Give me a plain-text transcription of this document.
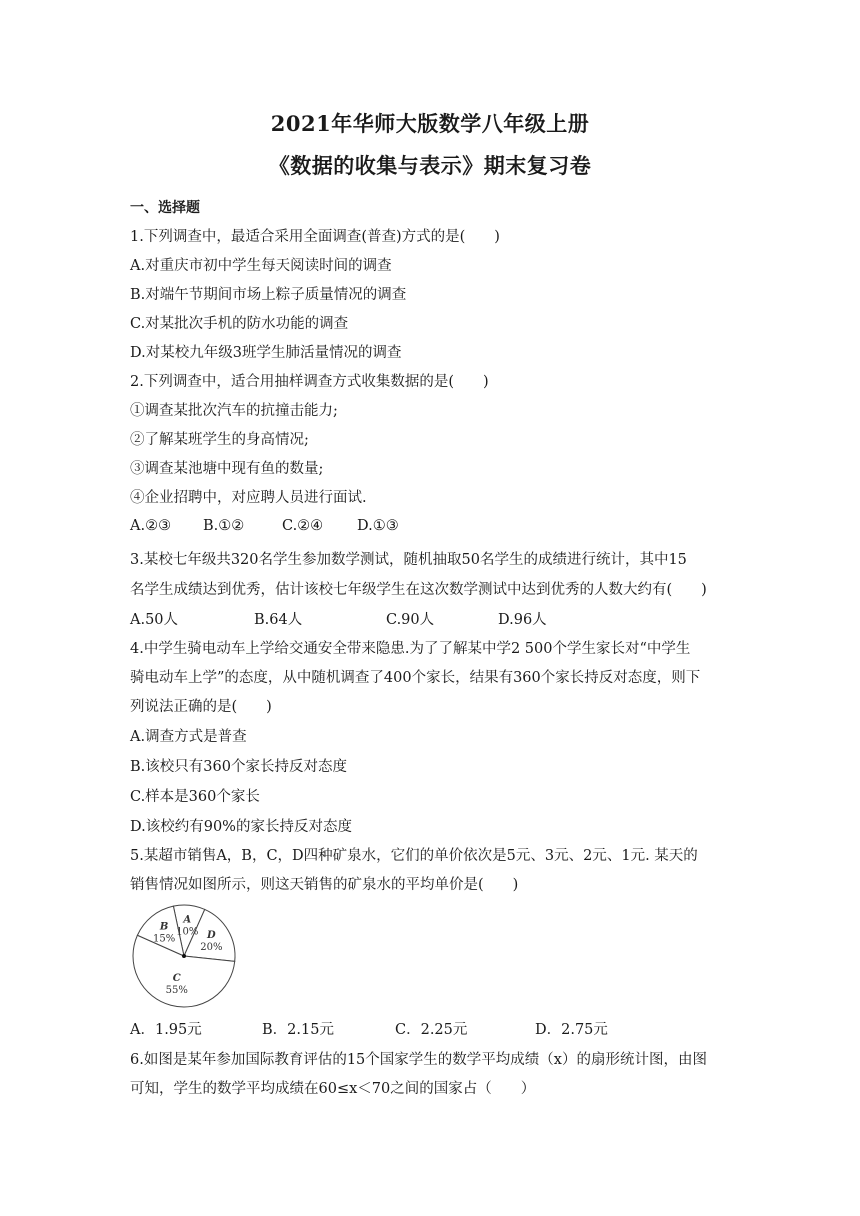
2021年华师大版数学八年级上册
《数据的收集与表示》期末复习卷
一、选择题
1.下列调查中，最适合采用全面调查(普查)方式的是(　　)
A.对重庆市初中学生每天阅读时间的调查
B.对端午节期间市场上粽子质量情况的调查
C.对某批次手机的防水功能的调查
D.对某校九年级3班学生肺活量情况的调查
2.下列调查中，适合用抽样调查方式收集数据的是(　　)
①调查某批次汽车的抗撞击能力;
②了解某班学生的身高情况;
③调查某池塘中现有鱼的数量;
④企业招聘中，对应聘人员进行面试.
A.②③ B.①②	C.②④ D.①③
3.某校七年级共320名学生参加数学测试，随机抽取50名学生的成绩进行统计，其中15
名学生成绩达到优秀，估计该校七年级学生在这次数学测试中达到优秀的人数大约有(　　)
A.50人	B.64人	C.90人	D.96人
4.中学生骑电动车上学给交通安全带来隐患.为了了解某中学2 500个学生家长对“中学生
骑电动车上学”的态度，从中随机调查了400个家长，结果有360个家长持反对态度，则下
列说法正确的是(　　)
A.调查方式是普查
B.该校只有360个家长持反对态度
C.样本是360个家长
D.该校约有90%的家长持反对态度
5.某超市销售A，B，C，D四种矿泉水，它们的单价依次是5元、3元、2元、1元. 某天的
销售情况如图所示，则这天销售的矿泉水的平均单价是(　　)
A
10% D
20%
C
55%
B
15%
A．1.95元	B．2.15元	C．2.25元	D．2.75元
6.如图是某年参加国际教育评估的15个国家学生的数学平均成绩（x）的扇形统计图，由图
可知，学生的数学平均成绩在60≤x＜70之间的国家占（　　）
